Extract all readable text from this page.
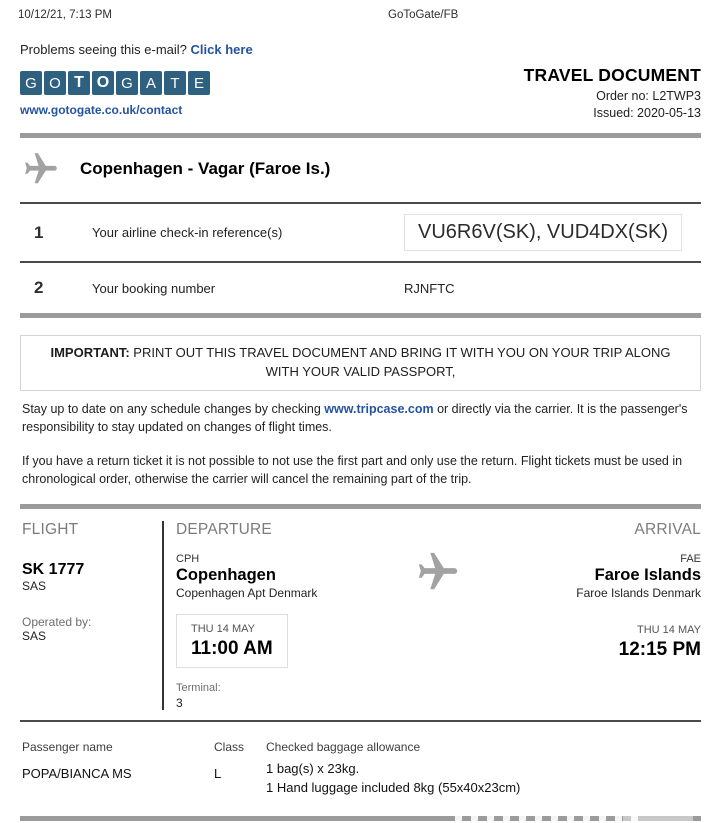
10/12/21, 7:13 PM	GoToGate/FB
Problems seeing this e-mail? Click here
G O T O G A T E
www.gotogate.co.uk/contact
TRAVEL DOCUMENT
Order no: L2TWP3
Issued: 2020-05-13
Copenhagen - Vagar (Faroe Is.)
1	Your airline check-in reference(s)	VU6R6V(SK), VUD4DX(SK)
2	Your booking number	RJNFTC
IMPORTANT: PRINT OUT THIS TRAVEL DOCUMENT AND BRING IT WITH YOU ON YOUR TRIP ALONG WITH YOUR VALID PASSPORT,

Stay up to date on any schedule changes by checking www.tripcase.com or directly via the carrier. It is the passenger's responsibility to stay updated on changes of flight times.

If you have a return ticket it is not possible to not use the first part and only use the return. Flight tickets must be used in chronological order, otherwise the carrier will cancel the remaining part of the trip.

FLIGHT
SK 1777
SAS
Operated by:
SAS
DEPARTURE
CPH
Copenhagen
Copenhagen Apt Denmark
THU 14 MAY
11:00 AM
Terminal:
3
ARRIVAL
FAE
Faroe Islands
Faroe Islands Denmark
THU 14 MAY
12:15 PM
Passenger name	Class	Checked baggage allowance
POPA/BIANCA MS	L	1 bag(s) x 23kg.
1 Hand luggage included 8kg (55x40x23cm)
